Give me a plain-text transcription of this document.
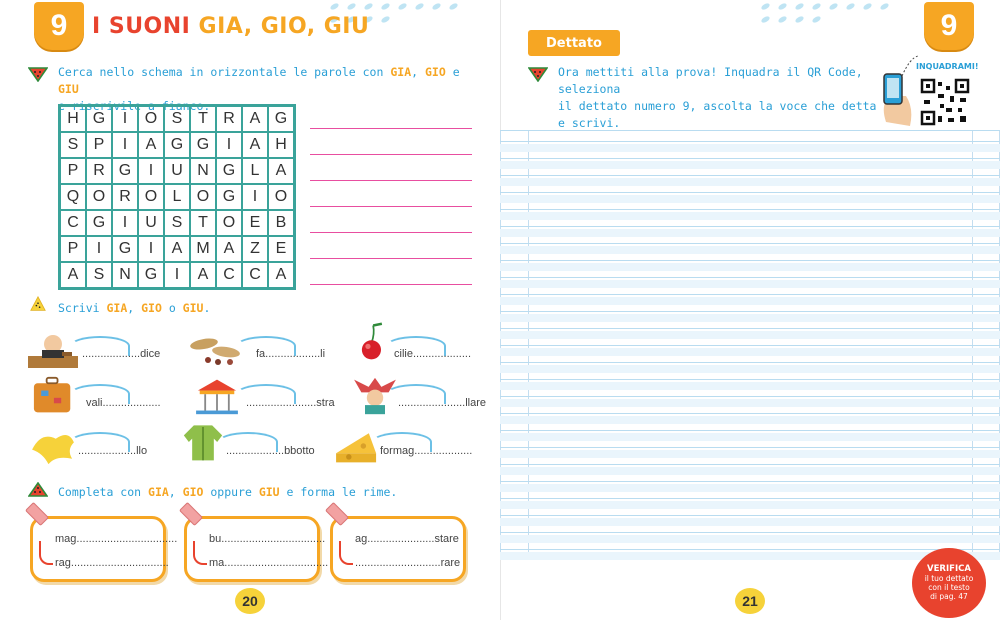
9	I SUONI GIA, GIO, GIU
Cerca nello schema in orizzontale le parole con GIA, GIO e GIU
e riscrivile a fianco.
H G	I	O S T R A G
S P	I	A G G	I	A H
P R G	I	U N G L	A
Q O R O L O G	I	O
C G	I	U S T O E B
P	I	G	I	A M A Z E
A S N G	I	A C C A
Scrivi GIA, GIO o GIU.
...................dice	fa..................li	cilie...................
vali...................	.......................stra	......................llare
...................llo	...................bbotto	formag...................
Completa con GIA, GIO oppure GIU e forma le rime.
mag.................................
rag................................
bu..................................
ma..................................
ag......................stare
............................rare
20
9
Dettato
Ora mettiti alla prova! Inquadra il QR Code, seleziona
il dettato numero 9, ascolta la voce che detta e scrivi.
INQUADRAMI!
VERIFICA
il tuo dettato
con il testo
di pag. 47
21
